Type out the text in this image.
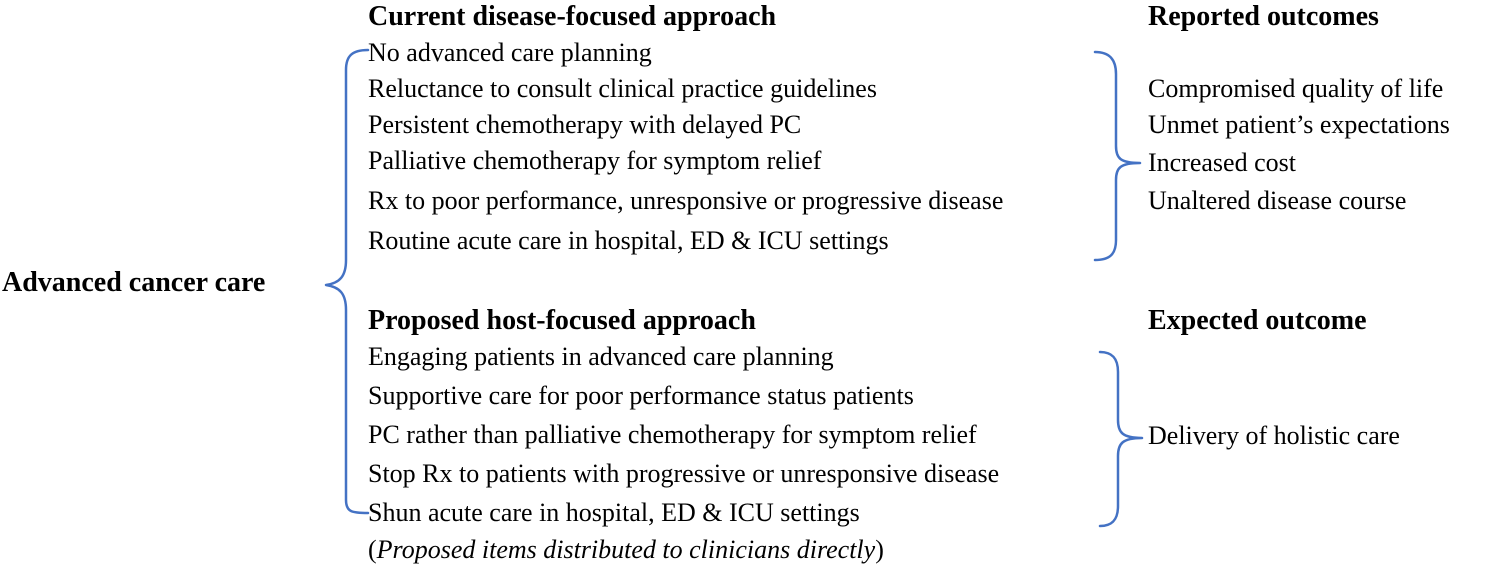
Advanced cancer care
Current disease-focused approach	Reported outcomes
No advanced care planning
Reluctance to consult clinical practice guidelines
Persistent chemotherapy with delayed PC
Palliative chemotherapy for symptom relief
Rx to poor performance, unresponsive or progressive disease
Routine acute care in hospital, ED & ICU settings
Compromised quality of life
Unmet patient’s expectations
Increased cost
Unaltered disease course
Proposed host-focused approach	Expected outcome
Engaging patients in advanced care planning
Supportive care for poor performance status patients
PC rather than palliative chemotherapy for symptom relief
Stop Rx to patients with progressive or unresponsive disease
Shun acute care in hospital, ED & ICU settings
(Proposed items distributed to clinicians directly)
Delivery of holistic care
